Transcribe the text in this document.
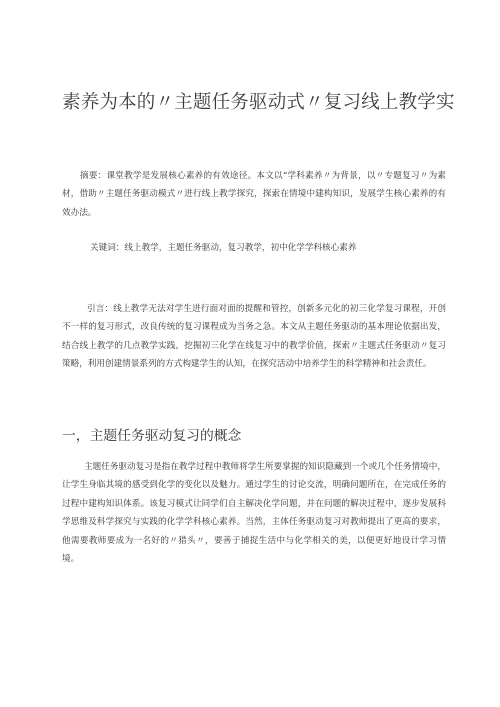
素养为本的〃主题任务驱动式〃复习线上教学实

摘要：课堂教学是发展核心素养的有效途径。本文以“学科素养〃为背景，以〃专题复习〃为素材，借助〃主题任务驱动模式〃进行线上教学探究，探索在情境中建构知识，发展学生核心素养的有效办法。

关键词：线上教学，主题任务驱动，复习教学，初中化学学科核心素养

引言：线上教学无法对学生进行面对面的提醒和管控，创新多元化的初三化学复习课程，开创不一样的复习形式，改良传统的复习课程成为当务之急。本文从主题任务驱动的基本理论依据出发，结合线上教学的几点教学实践，挖掘初三化学在线复习中的教学价值，探索〃主题式任务驱动〃复习策略，利用创建情景系列的方式构建学生的认知，在探究活动中培养学生的科学精神和社会责任。

一，主题任务驱动复习的概念

主题任务驱动复习是指在教学过程中教师将学生所要掌握的知识隐藏到一个或几个任务情境中，让学生身临其境的感受到化学的变化以及魅力。通过学生的讨论交流，明确问题所在，在完成任务的过程中建构知识体系。该复习模式让同学们自主解决化学问题，并在问题的解决过程中，逐步发展科学思维及科学探究与实践的化学学科核心素养。当然，主体任务驱动复习对教师提出了更高的要求，他需要教师要成为一名好的〃猎头〃，要善于捕捉生活中与化学相关的美，以便更好地设计学习情境。
